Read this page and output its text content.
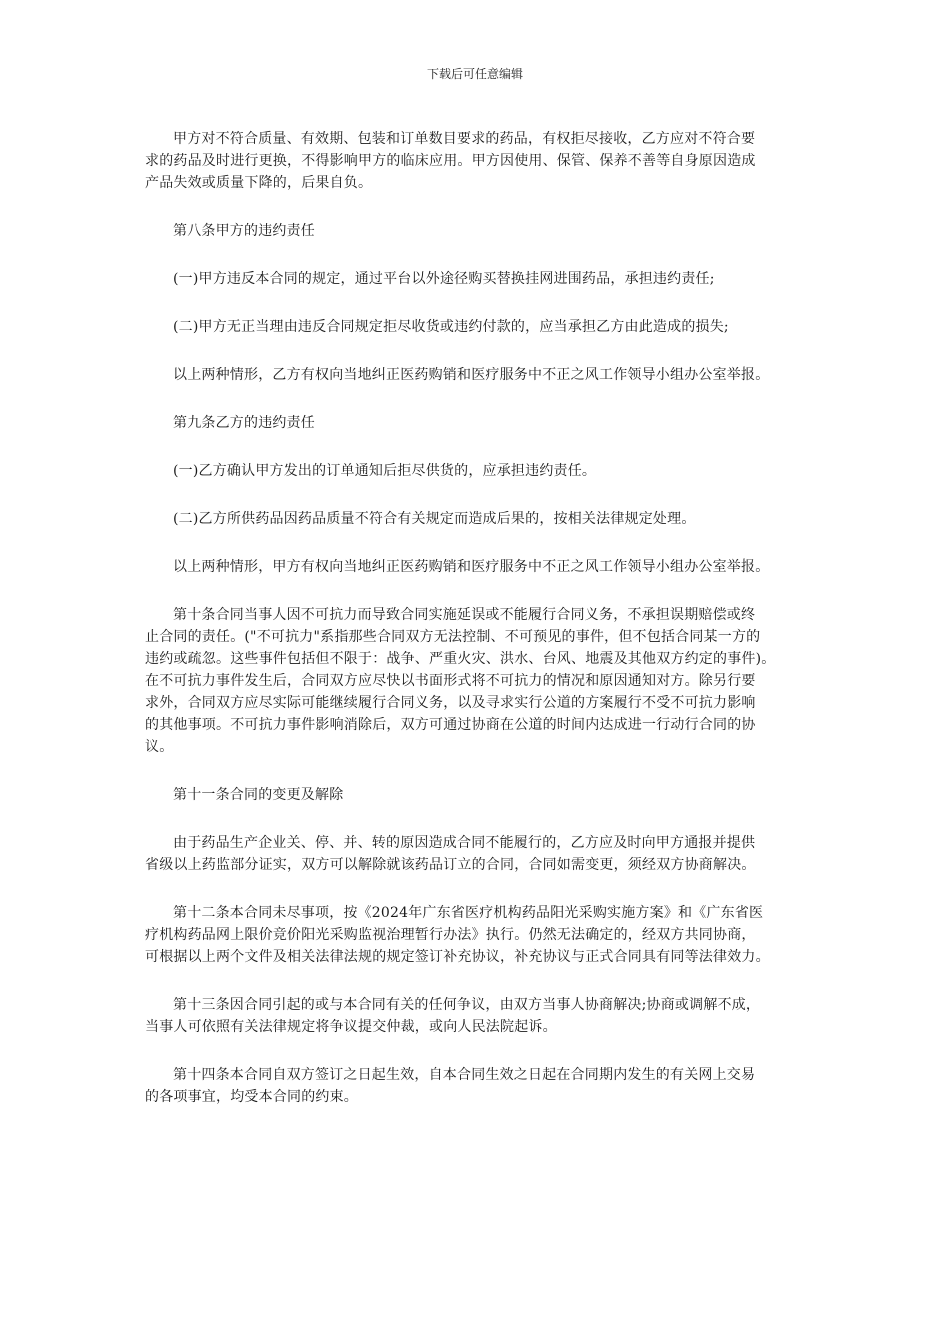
下载后可任意编辑
甲方对不符合质量、有效期、包装和订单数目要求的药品，有权拒尽接收，乙方应对不符合要
求的药品及时进行更换，不得影响甲方的临床应用。甲方因使用、保管、保养不善等自身原因造成
产品失效或质量下降的，后果自负。
第八条甲方的违约责任
(一)甲方违反本合同的规定，通过平台以外途径购买替换挂网进围药品，承担违约责任;
(二)甲方无正当理由违反合同规定拒尽收货或违约付款的，应当承担乙方由此造成的损失;
以上两种情形，乙方有权向当地纠正医药购销和医疗服务中不正之风工作领导小组办公室举报。
第九条乙方的违约责任
(一)乙方确认甲方发出的订单通知后拒尽供货的，应承担违约责任。
(二)乙方所供药品因药品质量不符合有关规定而造成后果的，按相关法律规定处理。
以上两种情形，甲方有权向当地纠正医药购销和医疗服务中不正之风工作领导小组办公室举报。
第十条合同当事人因不可抗力而导致合同实施延误或不能履行合同义务，不承担误期赔偿或终
止合同的责任。("不可抗力"系指那些合同双方无法控制、不可预见的事件，但不包括合同某一方的
违约或疏忽。这些事件包括但不限于：战争、严重火灾、洪水、台风、地震及其他双方约定的事件)。
在不可抗力事件发生后，合同双方应尽快以书面形式将不可抗力的情况和原因通知对方。除另行要
求外，合同双方应尽实际可能继续履行合同义务，以及寻求实行公道的方案履行不受不可抗力影响
的其他事项。不可抗力事件影响消除后，双方可通过协商在公道的时间内达成进一行动行合同的协
议。
第十一条合同的变更及解除
由于药品生产企业关、停、并、转的原因造成合同不能履行的，乙方应及时向甲方通报并提供
省级以上药监部分证实，双方可以解除就该药品订立的合同，合同如需变更，须经双方协商解决。
第十二条本合同未尽事项，按《2024年广东省医疗机构药品阳光采购实施方案》和《广东省医
疗机构药品网上限价竞价阳光采购监视治理暂行办法》执行。仍然无法确定的，经双方共同协商，
可根据以上两个文件及相关法律法规的规定签订补充协议，补充协议与正式合同具有同等法律效力。
第十三条因合同引起的或与本合同有关的任何争议，由双方当事人协商解决;协商或调解不成，
当事人可依照有关法律规定将争议提交仲裁，或向人民法院起诉。
第十四条本合同自双方签订之日起生效，自本合同生效之日起在合同期内发生的有关网上交易
的各项事宜，均受本合同的约束。
